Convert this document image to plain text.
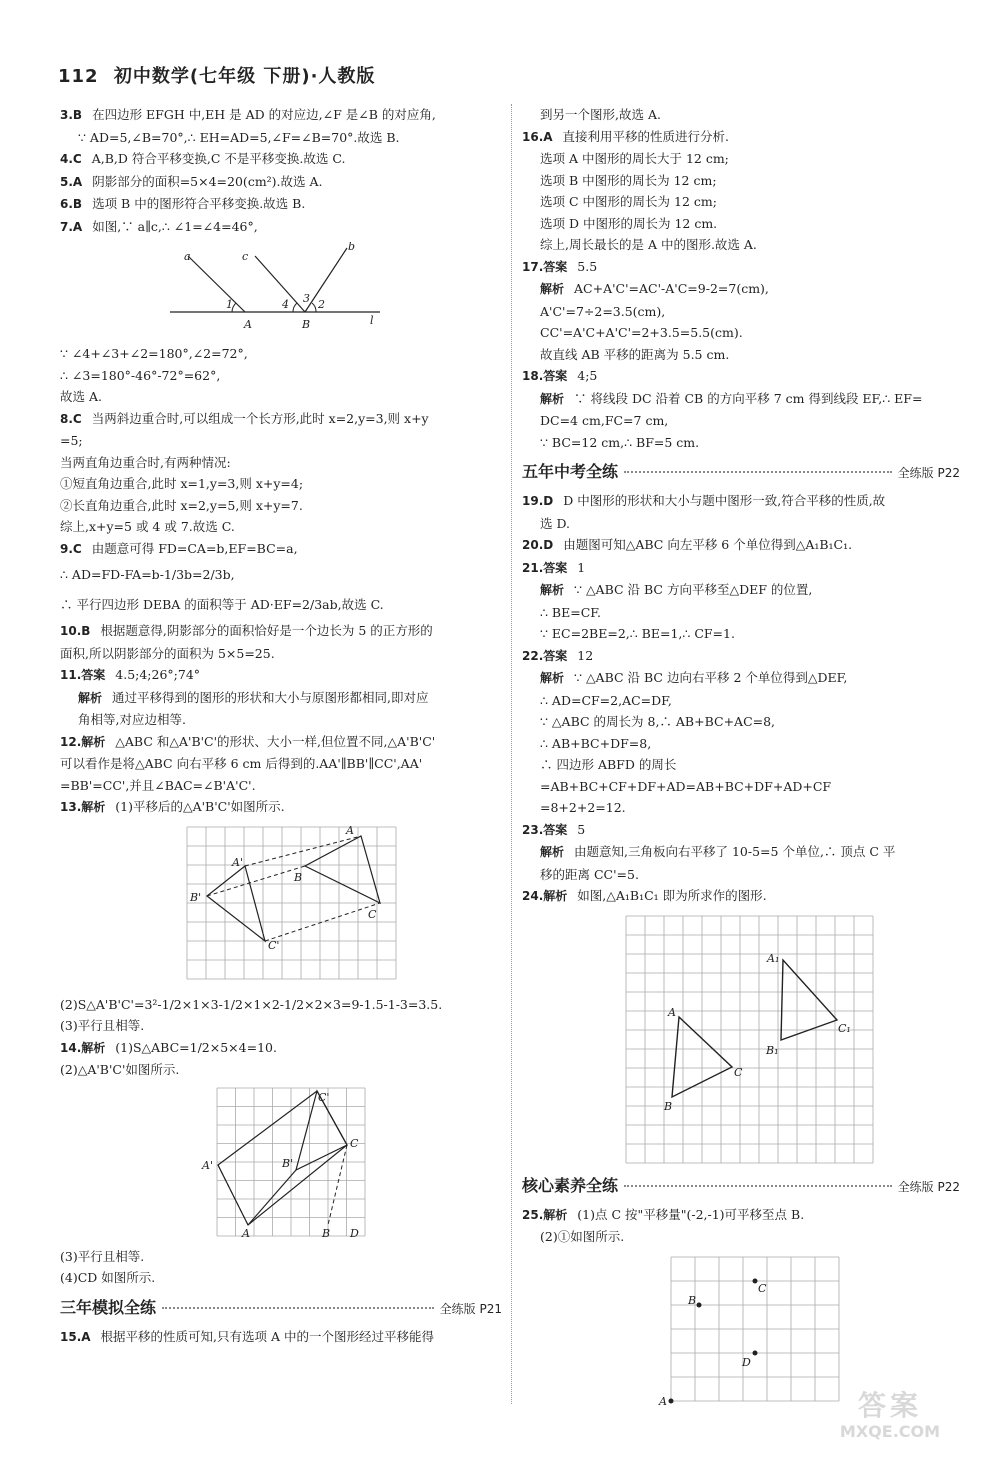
112 初中数学(七年级 下册)·人教版

3.B 在四边形 EFGH 中,EH 是 AD 的对应边,∠F 是∠B 的对应角,

∵ AD=5,∠B=70°,∴ EH=AD=5,∠F=∠B=70°.故选 B.

4.C A,B,D 符合平移变换,C 不是平移变换.故选 C.

5.A 阴影部分的面积=5×4=20(cm²).故选 A.

6.B 选项 B 中的图形符合平移变换.故选 B.

7.A 如图,∵ a∥c,∴ ∠1=∠4=46°,

a	c
b
l
A	B
1	2
3
4

∵ ∠4+∠3+∠2=180°,∠2=72°,

∴ ∠3=180°-46°-72°=62°,

故选 A.

8.C 当两斜边重合时,可以组成一个长方形,此时 x=2,y=3,则 x+y

=5;

当两直角边重合时,有两种情况:

①短直角边重合,此时 x=1,y=3,则 x+y=4;

②长直角边重合,此时 x=2,y=5,则 x+y=7.

综上,x+y=5 或 4 或 7.故选 C.

9.C 由题意可得 FD=CA=b,EF=BC=a,

∴ AD=FD-FA=b-1/3b=2/3b,

∴ 平行四边形 DEBA 的面积等于 AD·EF=2/3ab,故选 C.

10.B 根据题意得,阴影部分的面积恰好是一个边长为 5 的正方形的

面积,所以阴影部分的面积为 5×5=25.

11.答案 4.5;4;26°;74°

解析 通过平移得到的图形的形状和大小与原图形都相同,即对应

角相等,对应边相等.

12.解析 △ABC 和△A'B'C'的形状、大小一样,但位置不同,△A'B'C'

可以看作是将△ABC 向右平移 6 cm 后得到的.AA'∥BB'∥CC',AA'

=BB'=CC',并且∠BAC=∠B'A'C'.

13.解析 (1)平移后的△A'B'C'如图所示.

A
B
C
A'
B'
C'

(2)S△A'B'C'=3²-1/2×1×3-1/2×1×2-1/2×2×3=9-1.5-1-3=3.5.

(3)平行且相等.

14.解析 (1)S△ABC=1/2×5×4=10.

(2)△A'B'C'如图所示.

A	B
C
D
A'	B'
C'

(3)平行且相等.

(4)CD 如图所示.

三年模拟全练	全练版 P21

15.A 根据平移的性质可知,只有选项 A 中的一个图形经过平移能得

到另一个图形,故选 A.

16.A 直接利用平移的性质进行分析.

选项 A 中图形的周长大于 12 cm;

选项 B 中图形的周长为 12 cm;

选项 C 中图形的周长为 12 cm;

选项 D 中图形的周长为 12 cm.

综上,周长最长的是 A 中的图形.故选 A.

17.答案 5.5

解析 AC+A'C'=AC'-A'C=9-2=7(cm),

A'C'=7÷2=3.5(cm),

CC'=A'C+A'C'=2+3.5=5.5(cm).

故直线 AB 平移的距离为 5.5 cm.

18.答案 4;5

解析 ∵ 将线段 DC 沿着 CB 的方向平移 7 cm 得到线段 EF,∴ EF=

DC=4 cm,FC=7 cm,

∵ BC=12 cm,∴ BF=5 cm.

五年中考全练	全练版 P22

19.D D 中图形的形状和大小与题中图形一致,符合平移的性质,故

选 D.

20.D 由题图可知△ABC 向左平移 6 个单位得到△A₁B₁C₁.

21.答案 1

解析 ∵ △ABC 沿 BC 方向平移至△DEF 的位置,

∴ BE=CF.

∵ EC=2BE=2,∴ BE=1,∴ CF=1.

22.答案 12

解析 ∵ △ABC 沿 BC 边向右平移 2 个单位得到△DEF,

∴ AD=CF=2,AC=DF,

∵ △ABC 的周长为 8,∴ AB+BC+AC=8,

∴ AB+BC+DF=8,

∴ 四边形 ABFD 的周长=AB+BC+CF+DF+AD=AB+BC+DF+AD+CF

=8+2+2=12.

23.答案 5

解析 由题意知,三角板向右平移了 10-5=5 个单位,∴ 顶点 C 平

移的距离 CC'=5.

24.解析 如图,△A₁B₁C₁ 即为所求作的图形.

A
B
C
A₁
B₁
C₁
核心素养全练	全练版 P22

25.解析 (1)点 C 按"平移量"(-2,-1)可平移至点 B.

(2)①如图所示.

A
B
C
D
答案
MXQE.COM
